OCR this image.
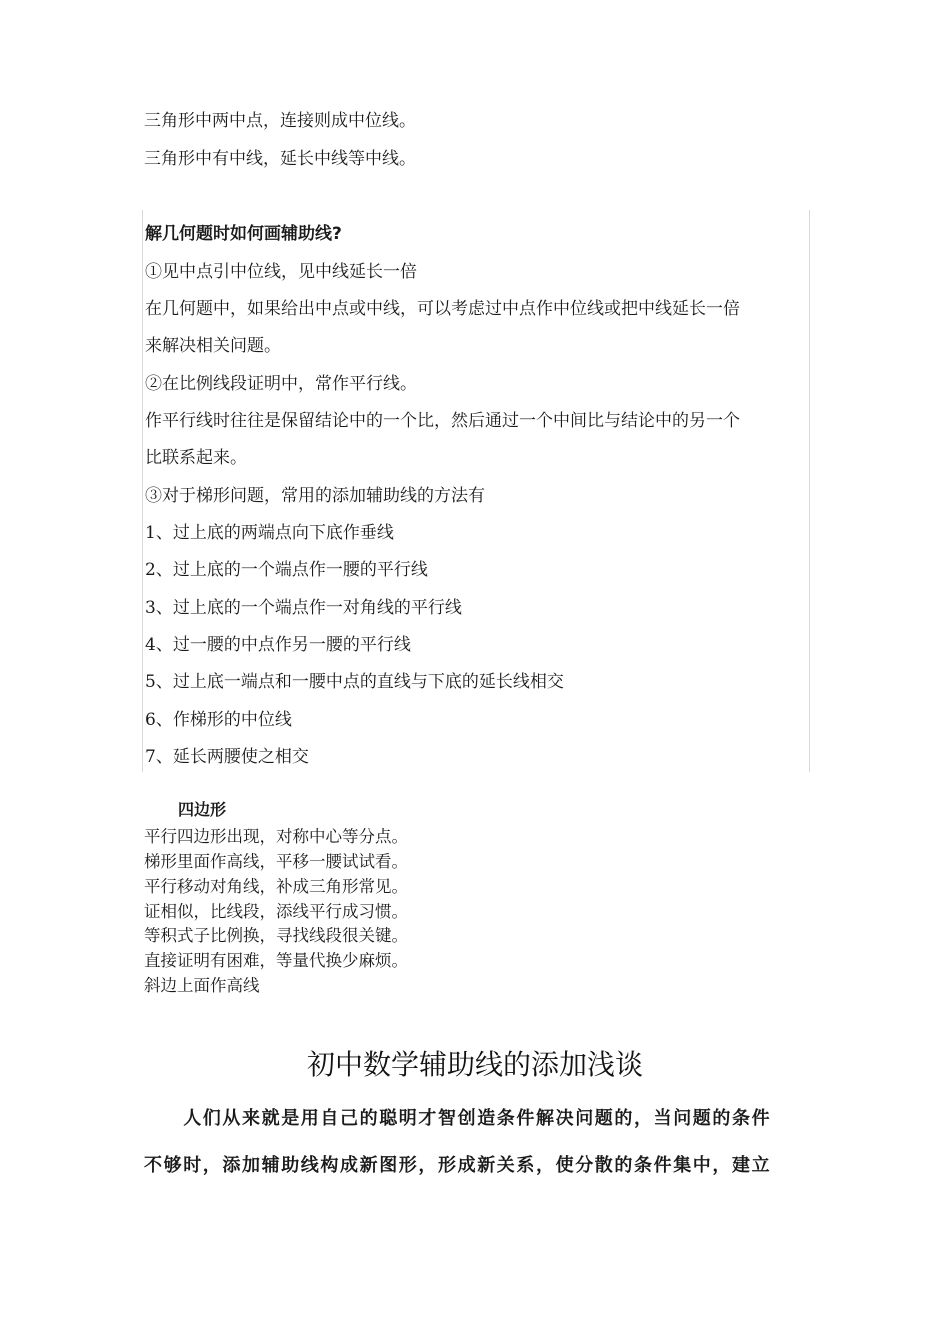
三角形中两中点，连接则成中位线。
三角形中有中线，延长中线等中线。
解几何题时如何画辅助线?
①见中点引中位线，见中线延长一倍
在几何题中，如果给出中点或中线，可以考虑过中点作中位线或把中线延长一倍
来解决相关问题。
②在比例线段证明中，常作平行线。
作平行线时往往是保留结论中的一个比，然后通过一个中间比与结论中的另一个
比联系起来。
③对于梯形问题，常用的添加辅助线的方法有
1、过上底的两端点向下底作垂线
2、过上底的一个端点作一腰的平行线
3、过上底的一个端点作一对角线的平行线
4、过一腰的中点作另一腰的平行线
5、过上底一端点和一腰中点的直线与下底的延长线相交
6、作梯形的中位线
7、延长两腰使之相交
四边形
平行四边形出现，对称中心等分点。
梯形里面作高线，平移一腰试试看。
平行移动对角线，补成三角形常见。
证相似，比线段，添线平行成习惯。
等积式子比例换，寻找线段很关键。
直接证明有困难，等量代换少麻烦。
斜边上面作高线
初中数学辅助线的添加浅谈
　　人们从来就是用自己的聪明才智创造条件解决问题的，当问题的条件
不够时，添加辅助线构成新图形，形成新关系，使分散的条件集中，建立
